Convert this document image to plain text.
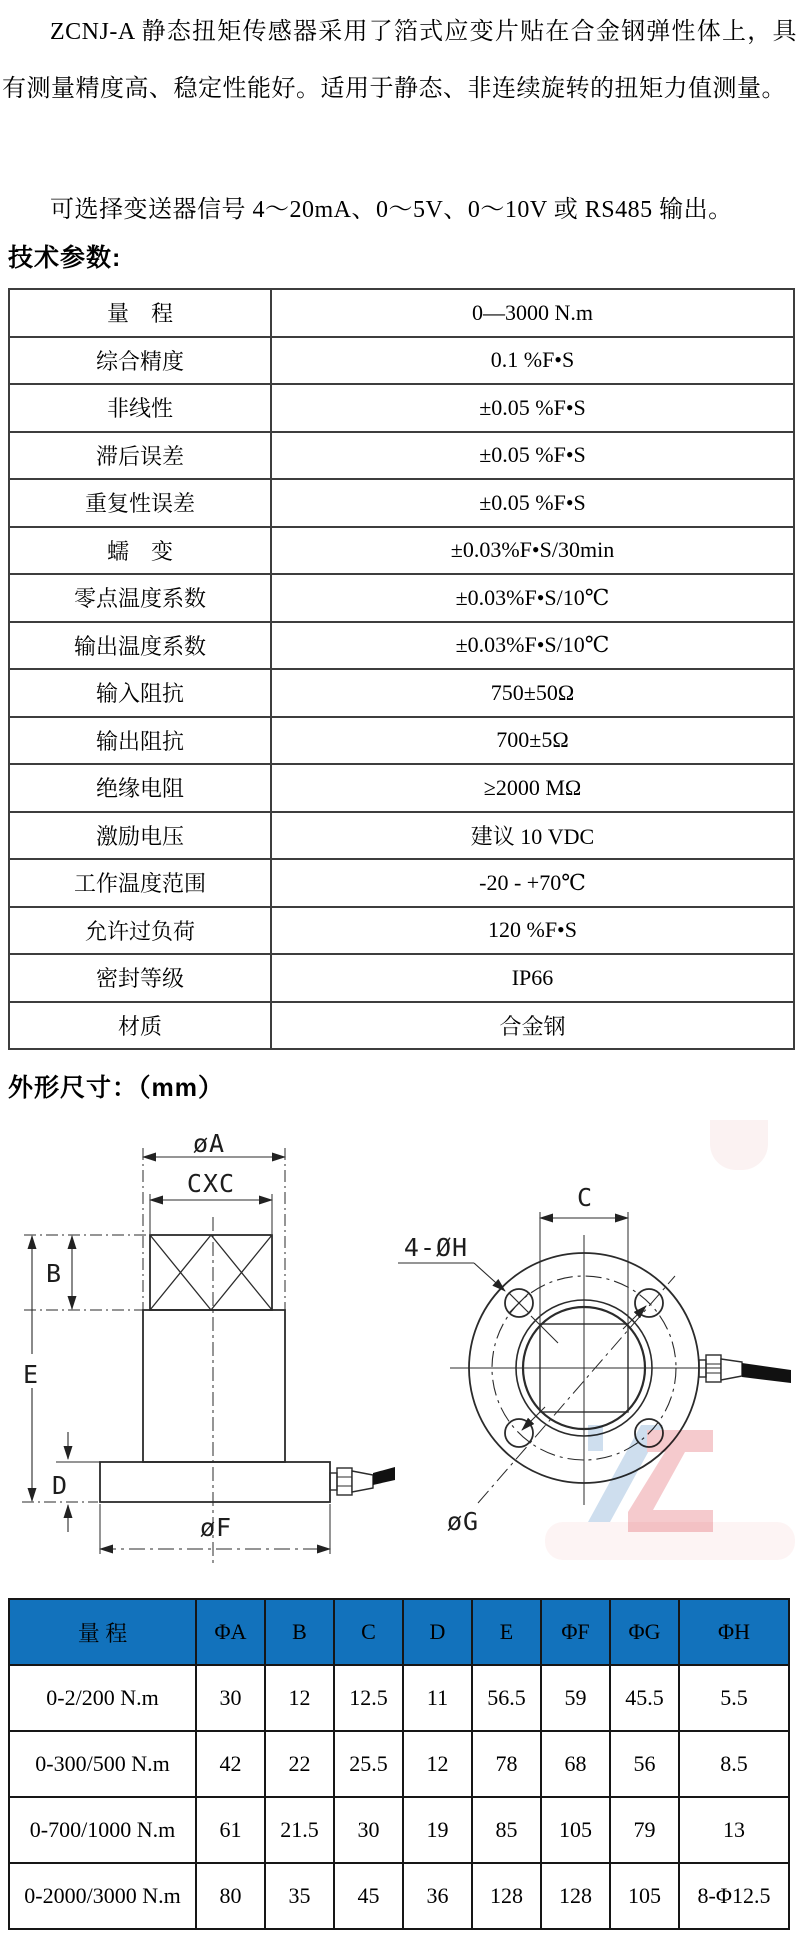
ZCNJ-A 静态扭矩传感器采用了箔式应变片贴在合金钢弹性体上，具有测量精度高、稳定性能好。适用于静态、非连续旋转的扭矩力值测量。

可选择变送器信号 4～20mA、0～5V、0～10V 或 RS485 输出。

技术参数:
量　程	0—3000 N.m
综合精度	0.1 %F•S
非线性	±0.05 %F•S
滞后误差	±0.05 %F•S
重复性误差	±0.05 %F•S
蠕　变	±0.03%F•S/30min
零点温度系数	±0.03%F•S/10℃
输出温度系数	±0.03%F•S/10℃
输入阻抗	750±50Ω
输出阻抗	700±5Ω
绝缘电阻	≥2000 MΩ
激励电压	建议 10 VDC
工作温度范围	-20 - +70℃
允许过负荷	120 %F•S
密封等级	IP66
材质	合金钢
外形尺寸：（mm）
øA
CXC
B
E
D
øF
C
4-ØH
øG
量 程	ΦA	B	C	D	E	ΦF	ΦG	ΦH
0-2/200 N.m	30	12	12.5	11	56.5	59	45.5	5.5
0-300/500 N.m	42	22	25.5	12	78	68	56	8.5
0-700/1000 N.m	61	21.5	30	19	85	105	79	13
0-2000/3000 N.m	80	35	45	36	128	128	105	8-Φ12.5
